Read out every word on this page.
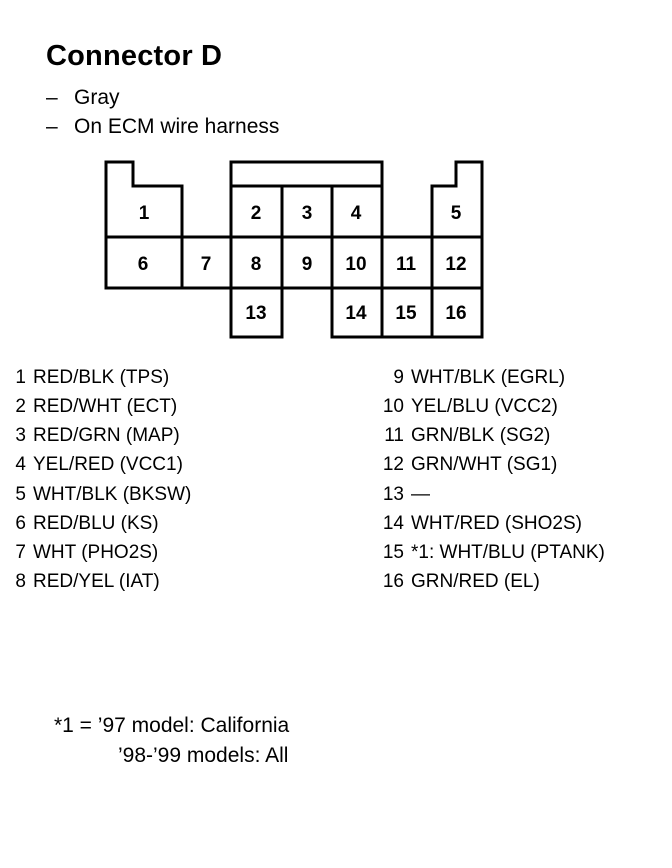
Connector D
– Gray
– On ECM wire harness
1	2 3 4	5
6	7 8 9 10 11 12
13	14 15 16
1 RED/BLK (TPS)
2 RED/WHT (ECT)
3 RED/GRN (MAP)
4 YEL/RED (VCC1)
5 WHT/BLK (BKSW)
6 RED/BLU (KS)
7 WHT (PHO2S)
8 RED/YEL (IAT)
9 WHT/BLK (EGRL)
10 YEL/BLU (VCC2)
11 GRN/BLK (SG2)
12 GRN/WHT (SG1)
13 —
14 WHT/RED (SHO2S)
15 *1: WHT/BLU (PTANK)
16 GRN/RED (EL)
*1 = ’97 model: California
’98-’99 models: All
